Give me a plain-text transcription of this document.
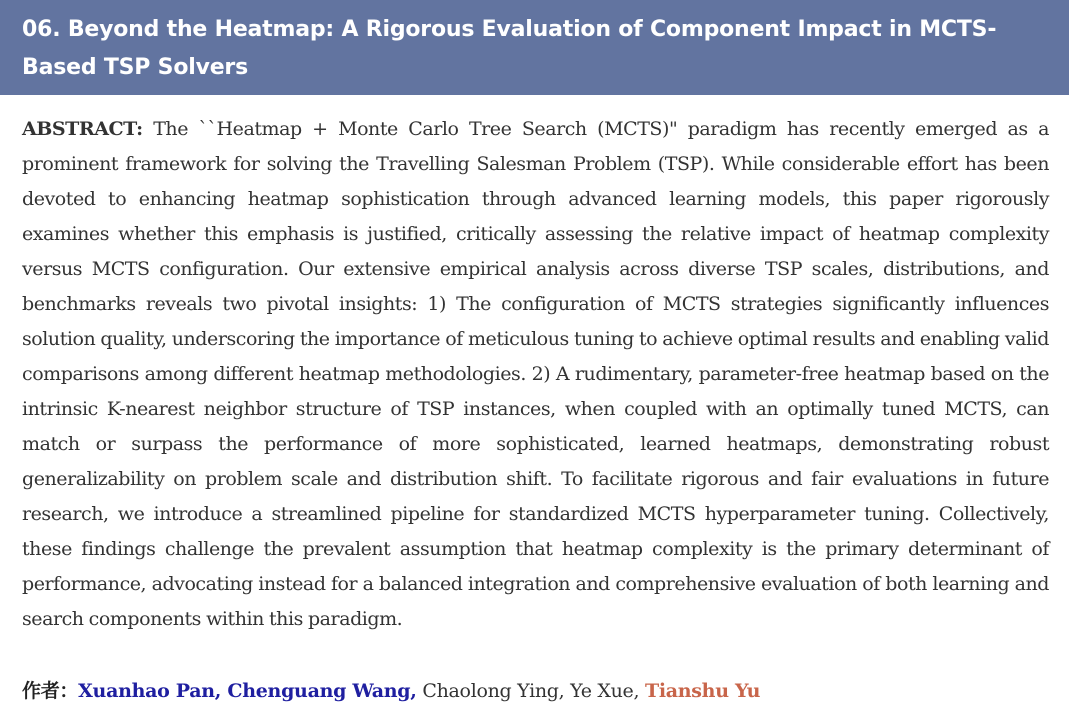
06. Beyond the Heatmap: A Rigorous Evaluation of Component Impact in MCTS-Based TSP Solvers

ABSTRACT: The ``Heatmap + Monte Carlo Tree Search (MCTS)" paradigm has recently emerged as a prominent framework for solving the Travelling Salesman Problem (TSP). While considerable effort has been devoted to enhancing heatmap sophistication through advanced learning models, this paper rigorously examines whether this emphasis is justified, critically assessing the relative impact of heatmap complexity versus MCTS configuration. Our extensive empirical analysis across diverse TSP scales, distributions, and benchmarks reveals two pivotal insights: 1) The configuration of MCTS strategies significantly influences solution quality, underscoring the importance of meticulous tuning to achieve optimal results and enabling valid comparisons among different heatmap methodologies. 2) A rudimentary, parameter-free heatmap based on the intrinsic K-nearest neighbor structure of TSP instances, when coupled with an optimally tuned MCTS, can match or surpass the performance of more sophisticated, learned heatmaps, demonstrating robust generalizability on problem scale and distribution shift. To facilitate rigorous and fair evaluations in future research, we introduce a streamlined pipeline for standardized MCTS hyperparameter tuning. Collectively, these findings challenge the prevalent assumption that heatmap complexity is the primary determinant of performance, advocating instead for a balanced integration and comprehensive evaluation of both learning and search components within this paradigm.

作者：Xuanhao Pan, Chenguang Wang, Chaolong Ying, Ye Xue, Tianshu Yu
